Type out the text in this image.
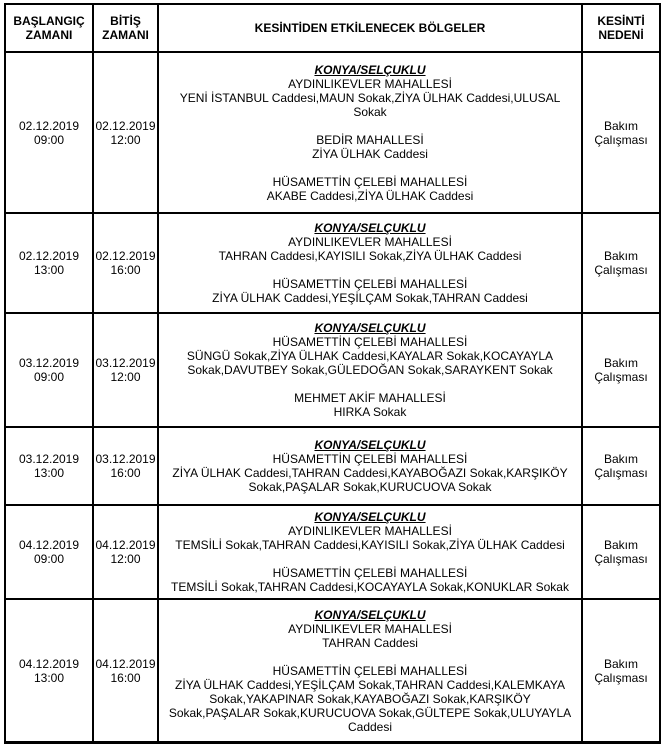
BAŞLANGIÇ ZAMANI
BİTİŞ ZAMANI	KESİNTİDEN ETKİLENECEK BÖLGELER	KESİNTİ NEDENİ
02.12.2019
09:00
02.12.2019
12:00
KONYA/SELÇUKLU
AYDINLIKEVLER MAHALLESİ
YENİ İSTANBUL Caddesi,MAUN Sokak,ZİYA ÜLHAK Caddesi,ULUSAL Sokak
BEDİR MAHALLESİ
ZİYA ÜLHAK Caddesi
HÜSAMETTİN ÇELEBİ MAHALLESİ
AKABE Caddesi,ZİYA ÜLHAK Caddesi
Bakım Çalışması
02.12.2019
13:00
02.12.2019
16:00
KONYA/SELÇUKLU
AYDINLIKEVLER MAHALLESİ
TAHRAN Caddesi,KAYISILI Sokak,ZİYA ÜLHAK Caddesi
HÜSAMETTİN ÇELEBİ MAHALLESİ
ZİYA ÜLHAK Caddesi,YEŞİLÇAM Sokak,TAHRAN Caddesi
Bakım Çalışması
03.12.2019
09:00
03.12.2019
12:00
KONYA/SELÇUKLU
HÜSAMETTİN ÇELEBİ MAHALLESİ
SÜNGÜ Sokak,ZİYA ÜLHAK Caddesi,KAYALAR Sokak,KOCAYAYLA Sokak,DAVUTBEY Sokak,GÜLEDOĞAN Sokak,SARAYKENT Sokak
MEHMET AKİF MAHALLESİ
HIRKA Sokak
Bakım Çalışması
03.12.2019
13:00
03.12.2019
16:00
KONYA/SELÇUKLU
HÜSAMETTİN ÇELEBİ MAHALLESİ
ZİYA ÜLHAK Caddesi,TAHRAN Caddesi,KAYABOĞAZI Sokak,KARŞIKÖY Sokak,PAŞALAR Sokak,KURUCUOVA Sokak
Bakım Çalışması
04.12.2019
09:00
04.12.2019
12:00
KONYA/SELÇUKLU
AYDINLIKEVLER MAHALLESİ
TEMSİLİ Sokak,TAHRAN Caddesi,KAYISILI Sokak,ZİYA ÜLHAK Caddesi
HÜSAMETTİN ÇELEBİ MAHALLESİ
TEMSİLİ Sokak,TAHRAN Caddesi,KOCAYAYLA Sokak,KONUKLAR Sokak
Bakım Çalışması
04.12.2019
13:00
04.12.2019
16:00
KONYA/SELÇUKLU
AYDINLIKEVLER MAHALLESİ
TAHRAN Caddesi
HÜSAMETTİN ÇELEBİ MAHALLESİ
ZİYA ÜLHAK Caddesi,YEŞİLÇAM Sokak,TAHRAN Caddesi,KALEMKAYA Sokak,YAKAPINAR Sokak,KAYABOĞAZI Sokak,KARŞIKÖY Sokak,PAŞALAR Sokak,KURUCUOVA Sokak,GÜLTEPE Sokak,ULUYAYLA Caddesi
Bakım Çalışması
